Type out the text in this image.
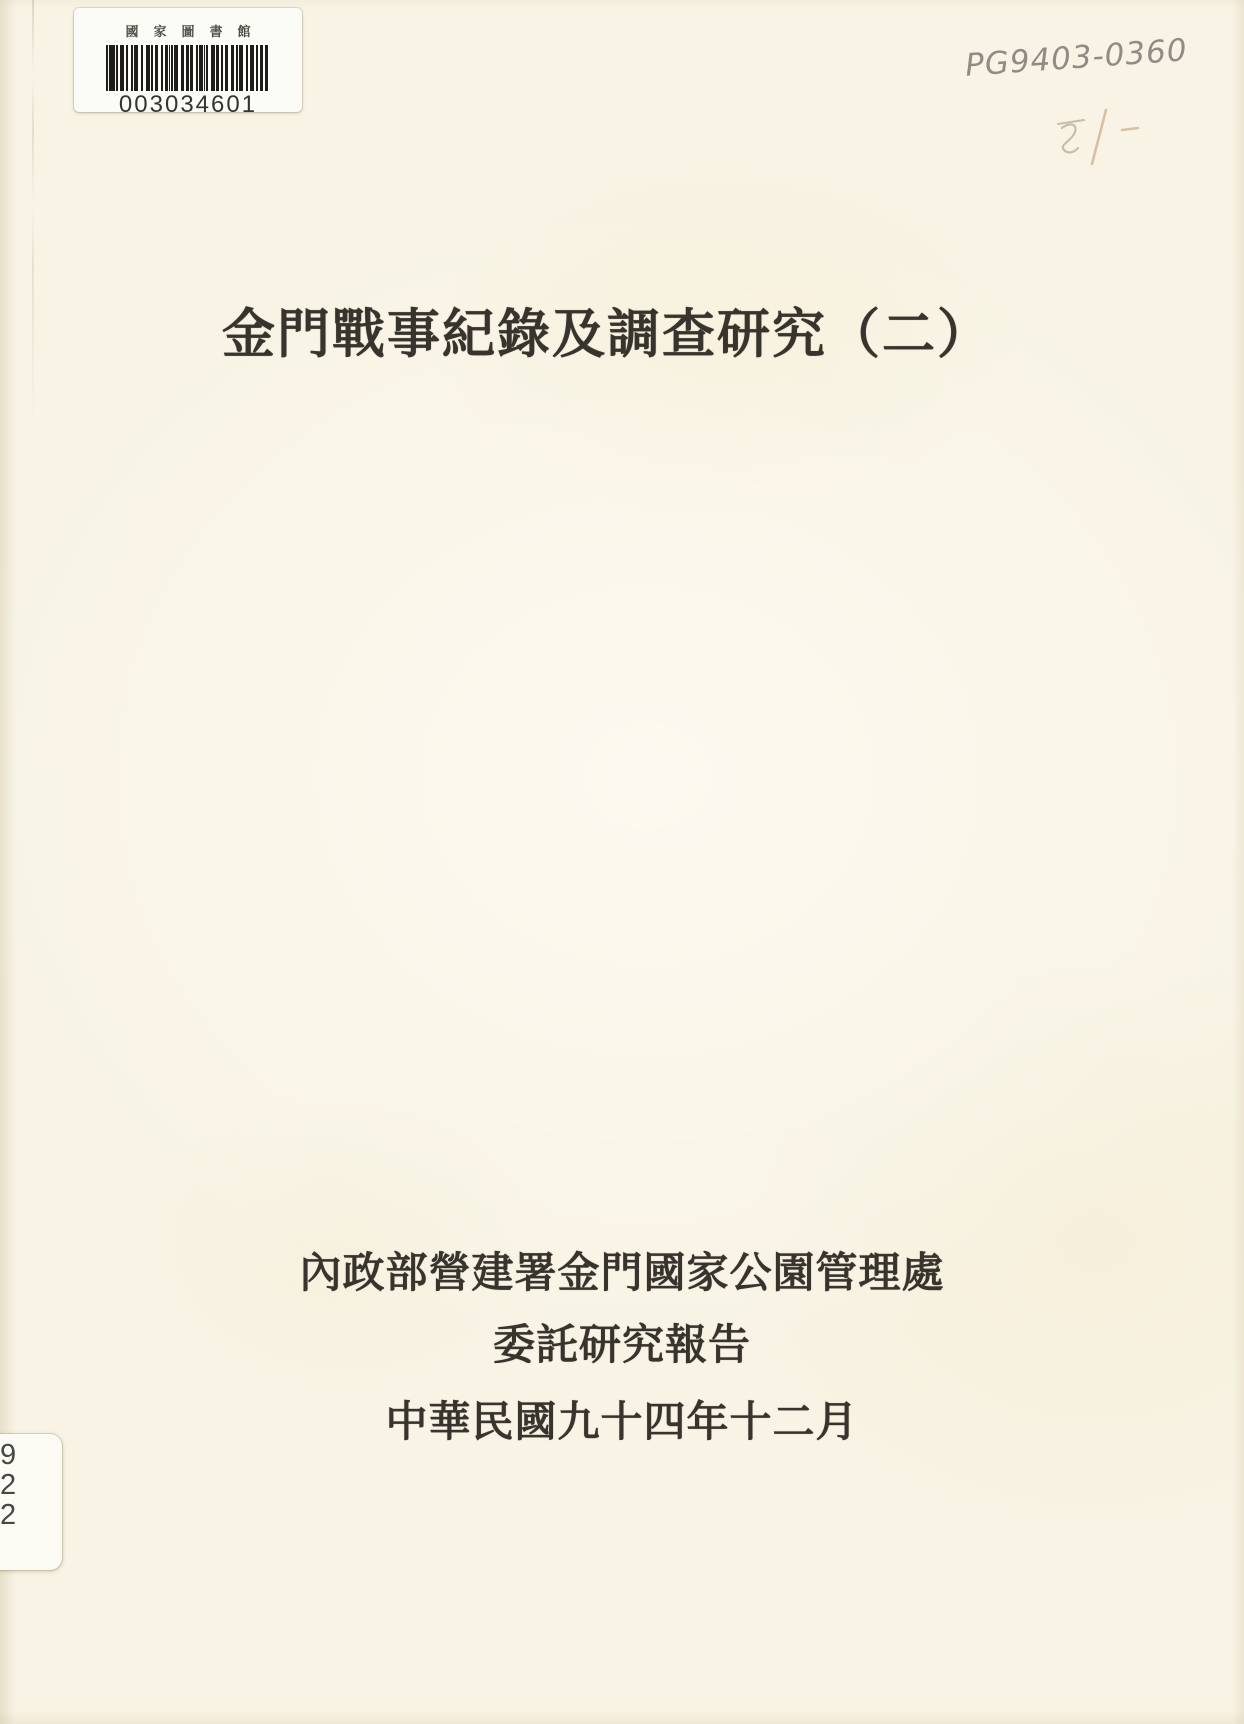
國家圖書館
003034601
PG9403-0360
金門戰事紀錄及調查研究（二）
內政部營建署金門國家公園管理處
委託研究報告
中華民國九十四年十二月
9
2
2
